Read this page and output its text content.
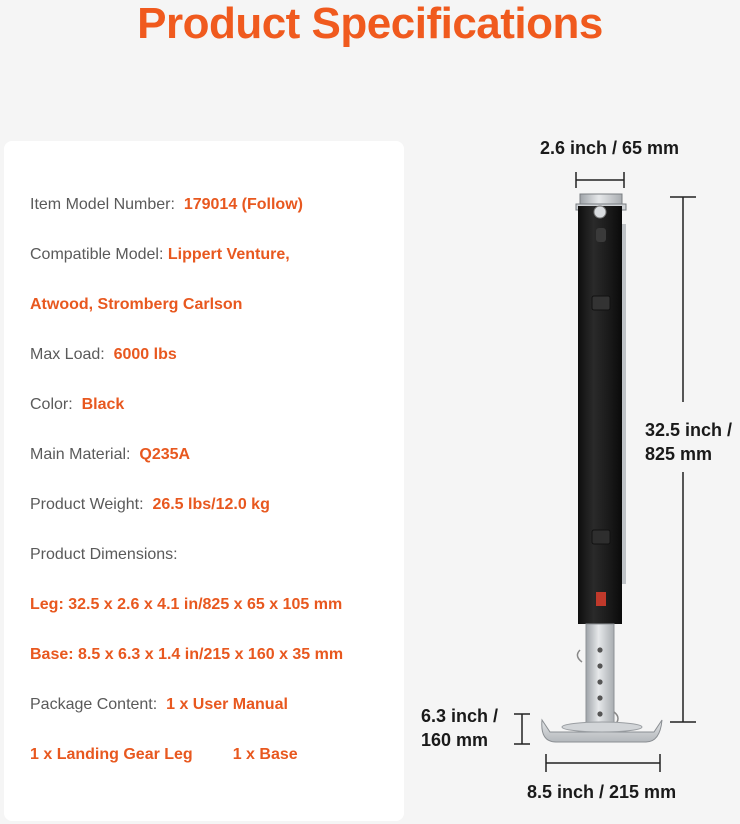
Product Specifications
Item Model Number: 179014 (Follow)
Compatible Model: Lippert Venture,
Atwood, Stromberg Carlson
Max Load: 6000 lbs
Color: Black
Main Material: Q235A
Product Weight: 26.5 lbs/12.0 kg
Product Dimensions:
Leg: 32.5 x 2.6 x 4.1 in/825 x 65 x 105 mm
Base: 8.5 x 6.3 x 1.4 in/215 x 160 x 35 mm
Package Content: 1 x User Manual
1 x Landing Gear Leg	1 x Base
2.6 inch / 65 mm
32.5 inch /
825 mm
6.3 inch /
160 mm
8.5 inch / 215 mm
